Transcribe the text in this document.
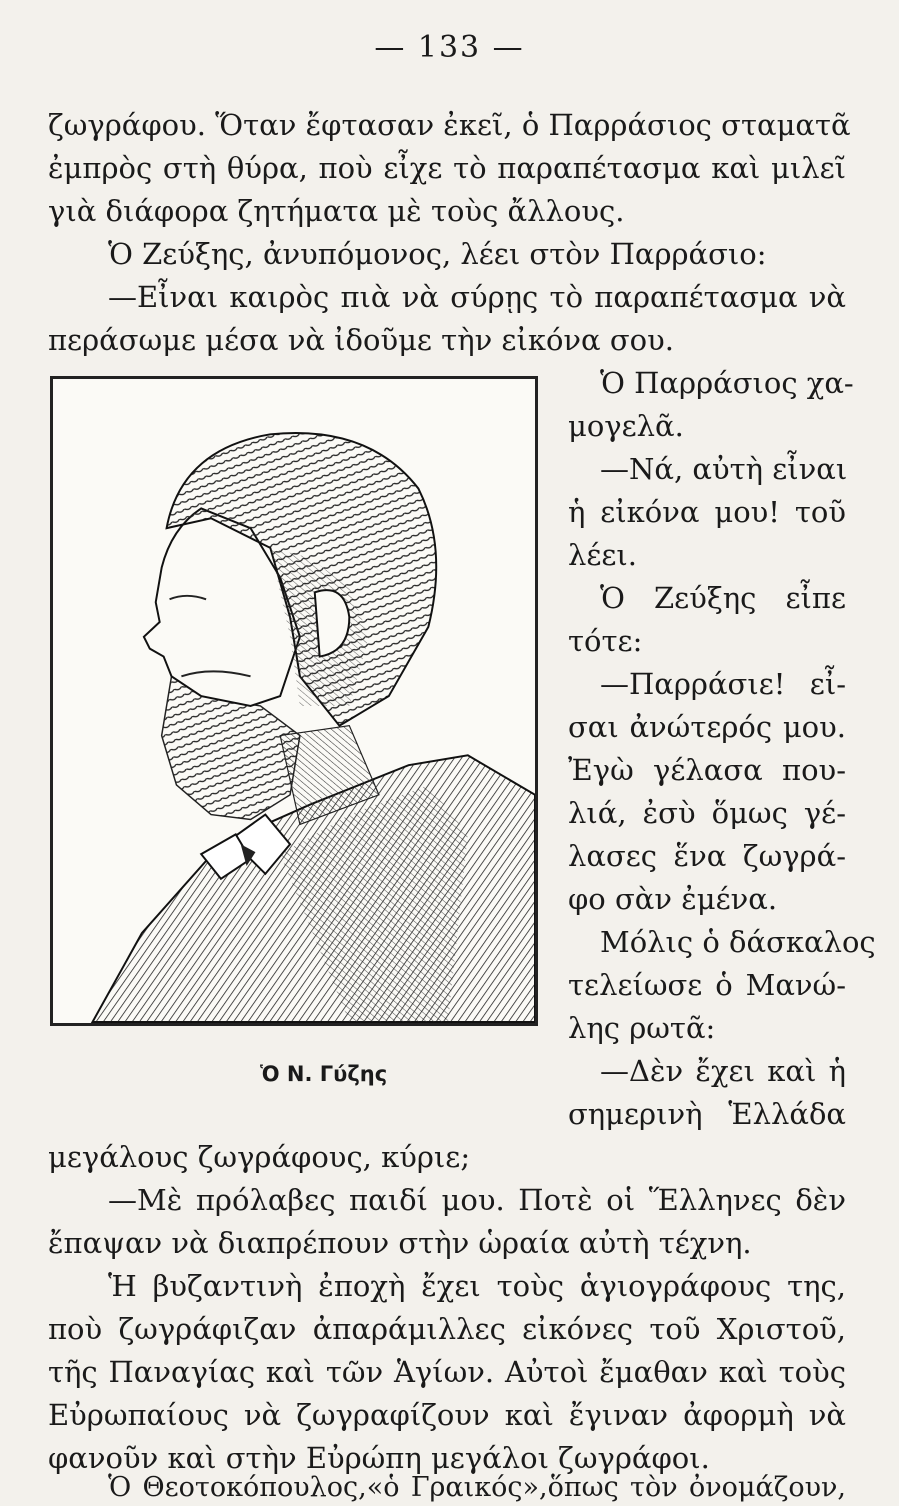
— 133 —
ζωγράφου. Ὅταν ἔφτασαν ἐκεῖ, ὁ Παρράσιος σταματᾶ
ἐμπρὸς στὴ θύρα, ποὺ εἶχε τὸ παραπέτασμα καὶ μιλεῖ
γιὰ διάφορα ζητήματα μὲ τοὺς ἄλλους.
Ὁ Ζεύξης, ἀνυπόμονος, λέει στὸν Παρράσιο:
—Εἶναι καιρὸς πιὰ νὰ σύρῃς τὸ παραπέτασμα νὰ
περάσωμε μέσα νὰ ἰδοῦμε τὴν εἰκόνα σου.
Ὁ Ν. Γύζης
Ὁ Παρράσιος χα-
μογελᾶ.
—Νά, αὐτὴ εἶναι
ἡ εἰκόνα μου! τοῦ
λέει.
Ὁ Ζεύξης εἶπε
τότε:
—Παρράσιε! εἶ-
σαι ἀνώτερός μου.
Ἐγὼ γέλασα που-
λιά, ἐσὺ ὅμως γέ-
λασες ἕνα ζωγρά-
φο σὰν ἐμένα.
Μόλις ὁ δάσκαλος
τελείωσε ὁ Μανώ-
λης ρωτᾶ:
—Δὲν ἔχει καὶ ἡ
σημερινὴ Ἑλλάδα
μεγάλους ζωγράφους, κύριε;
—Μὲ πρόλαβες παιδί μου. Ποτὲ οἱ Ἕλληνες δὲν
ἔπαψαν νὰ διαπρέπουν στὴν ὡραία αὐτὴ τέχνη.
Ἡ βυζαντινὴ ἐποχὴ ἔχει τοὺς ἁγιογράφους της,
ποὺ ζωγράφιζαν ἀπαράμιλλες εἰκόνες τοῦ Χριστοῦ,
τῆς Παναγίας καὶ τῶν Ἁγίων. Αὐτοὶ ἔμαθαν καὶ τοὺς
Εὐρωπαίους νὰ ζωγραφίζουν καὶ ἔγιναν ἀφορμὴ νὰ
φανοῦν καὶ στὴν Εὐρώπη μεγάλοι ζωγράφοι.
Ὁ Θεοτοκόπουλος,«ὁ Γραικός»,ὅπως τὸν ὀνομάζουν,
